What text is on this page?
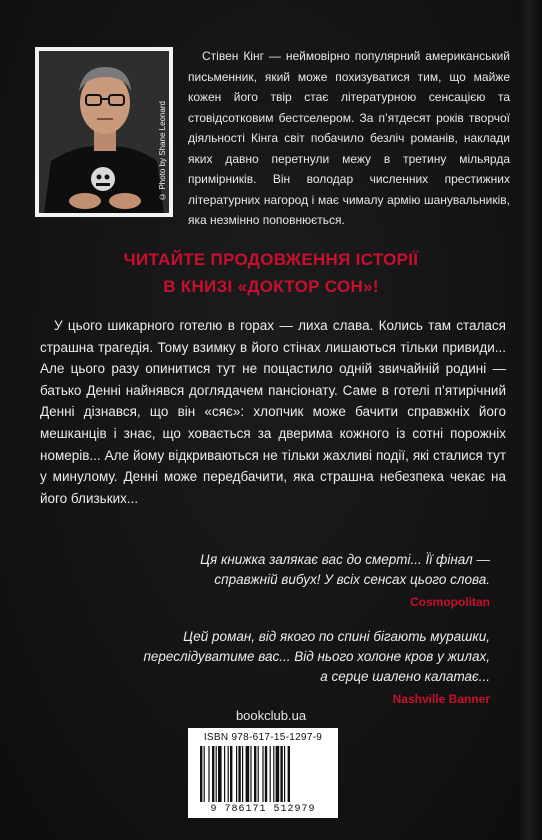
© Photo by Shane Leonard

Стівен Кінг — неймовірно популярний американський письменник, який може похизуватися тим, що майже кожен його твір стає літературною сенсацією та стовідсотковим бестселером. За п’ятдесят років творчої діяльності Кінга світ побачило безліч романів, наклади яких давно перетнули межу в третину мільярда примірників. Він володар численних престижних літературних нагород і має чималу армію шанувальників, яка незмінно поповнюється.

ЧИТАЙТЕ ПРОДОВЖЕННЯ ІСТОРІЇ
В КНИЗІ «ДОКТОР СОН»!

У цього шикарного готелю в горах — лиха слава. Колись там сталася страшна трагедія. Тому взимку в його стінах лишаються тільки привиди... Але цього разу опинитися тут не пощастило одній звичайній родині — батько Денні найнявся доглядачем пансіонату. Саме в готелі п’ятирічний Денні дізнався, що він «сяє»: хлопчик може бачити справжніх його мешканців і знає, що ховається за дверима кожного із сотні порожніх номерів... Але йому відкриваються не тільки жахливі події, які сталися тут у минулому. Денні може передбачити, яка страшна небезпека чекає на його близьких...

Ця книжка залякає вас до смерті... Її фінал —
справжній вибух! У всіх сенсах цього слова.
Cosmopolitan
Цей роман, від якого по спині бігають мурашки,
переслідуватиме вас... Від нього холоне кров у жилах,
а серце шалено калатає...
Nashville Banner
bookclub.ua
ISBN 978-617-15-1297-9
9 786171 512979
